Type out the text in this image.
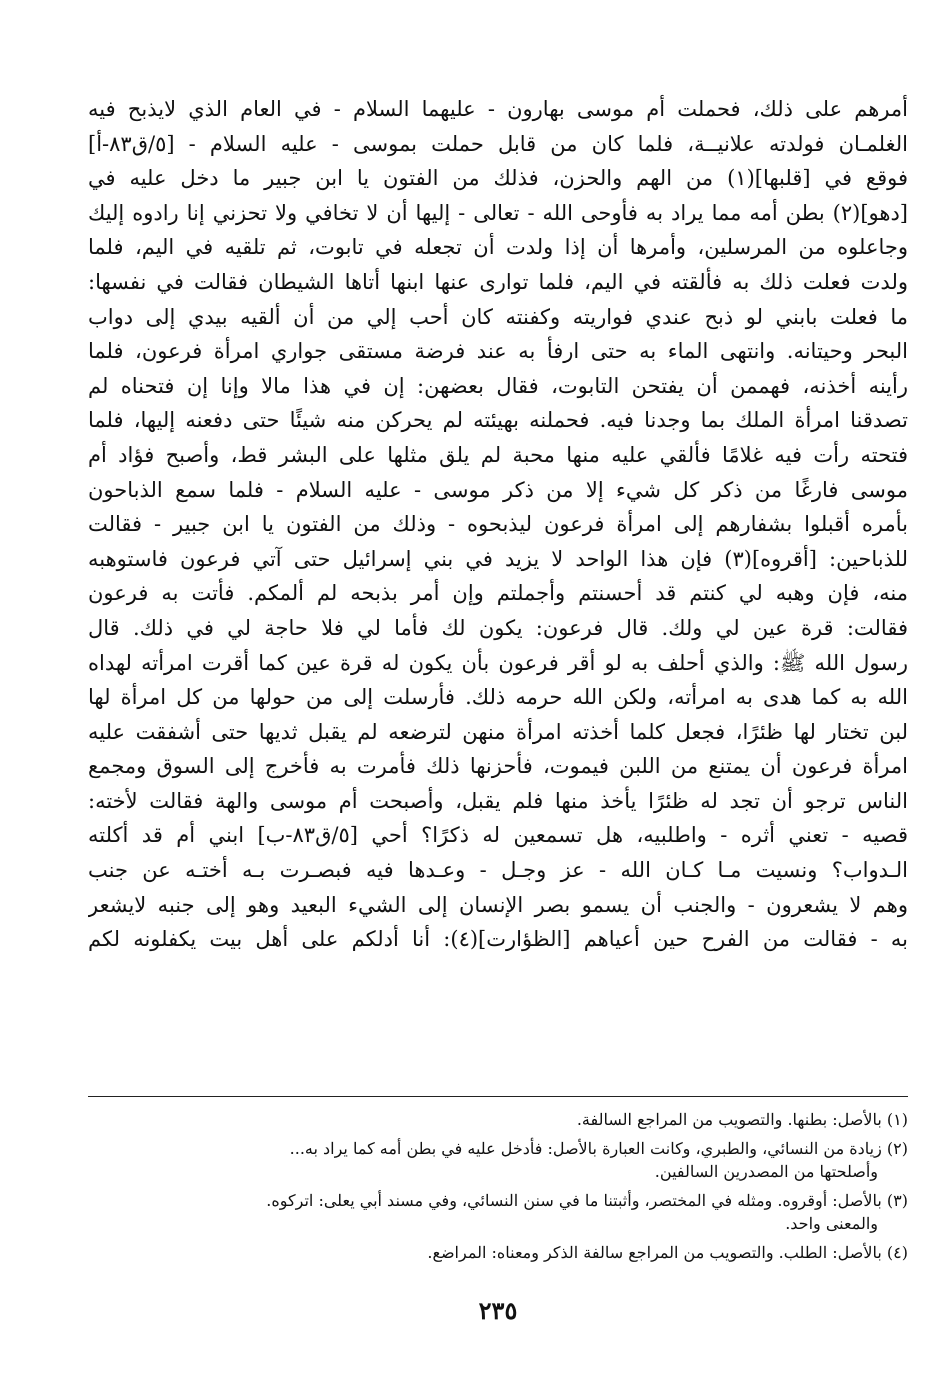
أمرهم على ذلك، فحملت أم موسى بهارون - عليهما السلام - في العام الذي لايذبح فيه
الغلمـان فولدته علانيــة، فلما كان من قابل حملت بموسى - عليه السلام - [٥/ق٨٣-أ]
فوقع في [قلبها](١) من الهم والحزن، فذلك من الفتون يا ابن جبير ما دخل عليه في
[دهو](٢) بطن أمه مما يراد به فأوحى الله - تعالى - إليها أن لا تخافي ولا تحزني إنا رادوه إليك
وجاعلوه من المرسلين، وأمرها أن إذا ولدت أن تجعله في تابوت، ثم تلقيه في اليم، فلما
ولدت فعلت ذلك به فألقته في اليم، فلما توارى عنها ابنها أتاها الشيطان فقالت في نفسها:
ما فعلت بابني لو ذبح عندي فواريته وكفنته كان أحب إلي من أن ألقيه بيدي إلى دواب
البحر وحيتانه. وانتهى الماء به حتى ارفأ به عند فرضة مستقى جواري امرأة فرعون، فلما
رأينه أخذنه، فهممن أن يفتحن التابوت، فقال بعضهن: إن في هذا مالا وإنا إن فتحناه لم
تصدقنا امرأة الملك بما وجدنا فيه. فحملنه بهيئته لم يحركن منه شيئًا حتى دفعنه إليها، فلما
فتحته رأت فيه غلامًا فألقي عليه منها محبة لم يلق مثلها على البشر قط، وأصبح فؤاد أم
موسى فارغًا من ذكر كل شيء إلا من ذكر موسى - عليه السلام - فلما سمع الذباحون
بأمره أقبلوا بشفارهم إلى امرأة فرعون ليذبحوه - وذلك من الفتون يا ابن جبير - فقالت
للذباحين: [أقروه](٣) فإن هذا الواحد لا يزيد في بني إسرائيل حتى آتي فرعون فاستوهبه
منه، فإن وهبه لي كنتم قد أحسنتم وأجملتم وإن أمر بذبحه لم ألمكم. فأتت به فرعون
فقالت: قرة عين لي ولك. قال فرعون: يكون لك فأما لي فلا حاجة لي في ذلك. قال
رسول الله ﷺ: والذي أحلف به لو أقر فرعون بأن يكون له قرة عين كما أقرت امرأته لهداه
الله به كما هدى به امرأته، ولكن الله حرمه ذلك. فأرسلت إلى من حولها من كل امرأة لها
لبن تختار لها ظئرًا، فجعل كلما أخذته امرأة منهن لترضعه لم يقبل ثديها حتى أشفقت عليه
امرأة فرعون أن يمتنع من اللبن فيموت، فأحزنها ذلك فأمرت به فأخرج إلى السوق ومجمع
الناس ترجو أن تجد له ظئرًا يأخذ منها فلم يقبل، وأصبحت أم موسى والهة فقالت لأخته:
قصيه - تعني أثره - واطلبيه، هل تسمعين له ذكرًا؟ أحي [٥/ق٨٣-ب] ابني أم قد أكلته
الـدواب؟ ونسيت مـا كـان الله - عز وجـل - وعـدها فيه فبصـرت بـه أختـه عن جنب
وهم لا يشعرون - والجنب أن يسمو بصر الإنسان إلى الشيء البعيد وهو إلى جنبه لايشعر
به - فقالت من الفرح حين أعياهم [الظؤارت](٤): أنا أدلكم على أهل بيت يكفلونه لكم
(١) بالأصل: بطنها. والتصويب من المراجع السالفة.
(٢) زيادة من النسائي، والطبري، وكانت العبارة بالأصل: فأدخل عليه في بطن أمه كما يراد به...
وأصلحتها من المصدرين السالفين.
(٣) بالأصل: أوقروه. ومثله في المختصر، وأثبتنا ما في سنن النسائي، وفي مسند أبي يعلى: اتركوه.
والمعنى واحد.
(٤) بالأصل: الطلب. والتصويب من المراجع سالفة الذكر ومعناه: المراضع.
٢٣٥
